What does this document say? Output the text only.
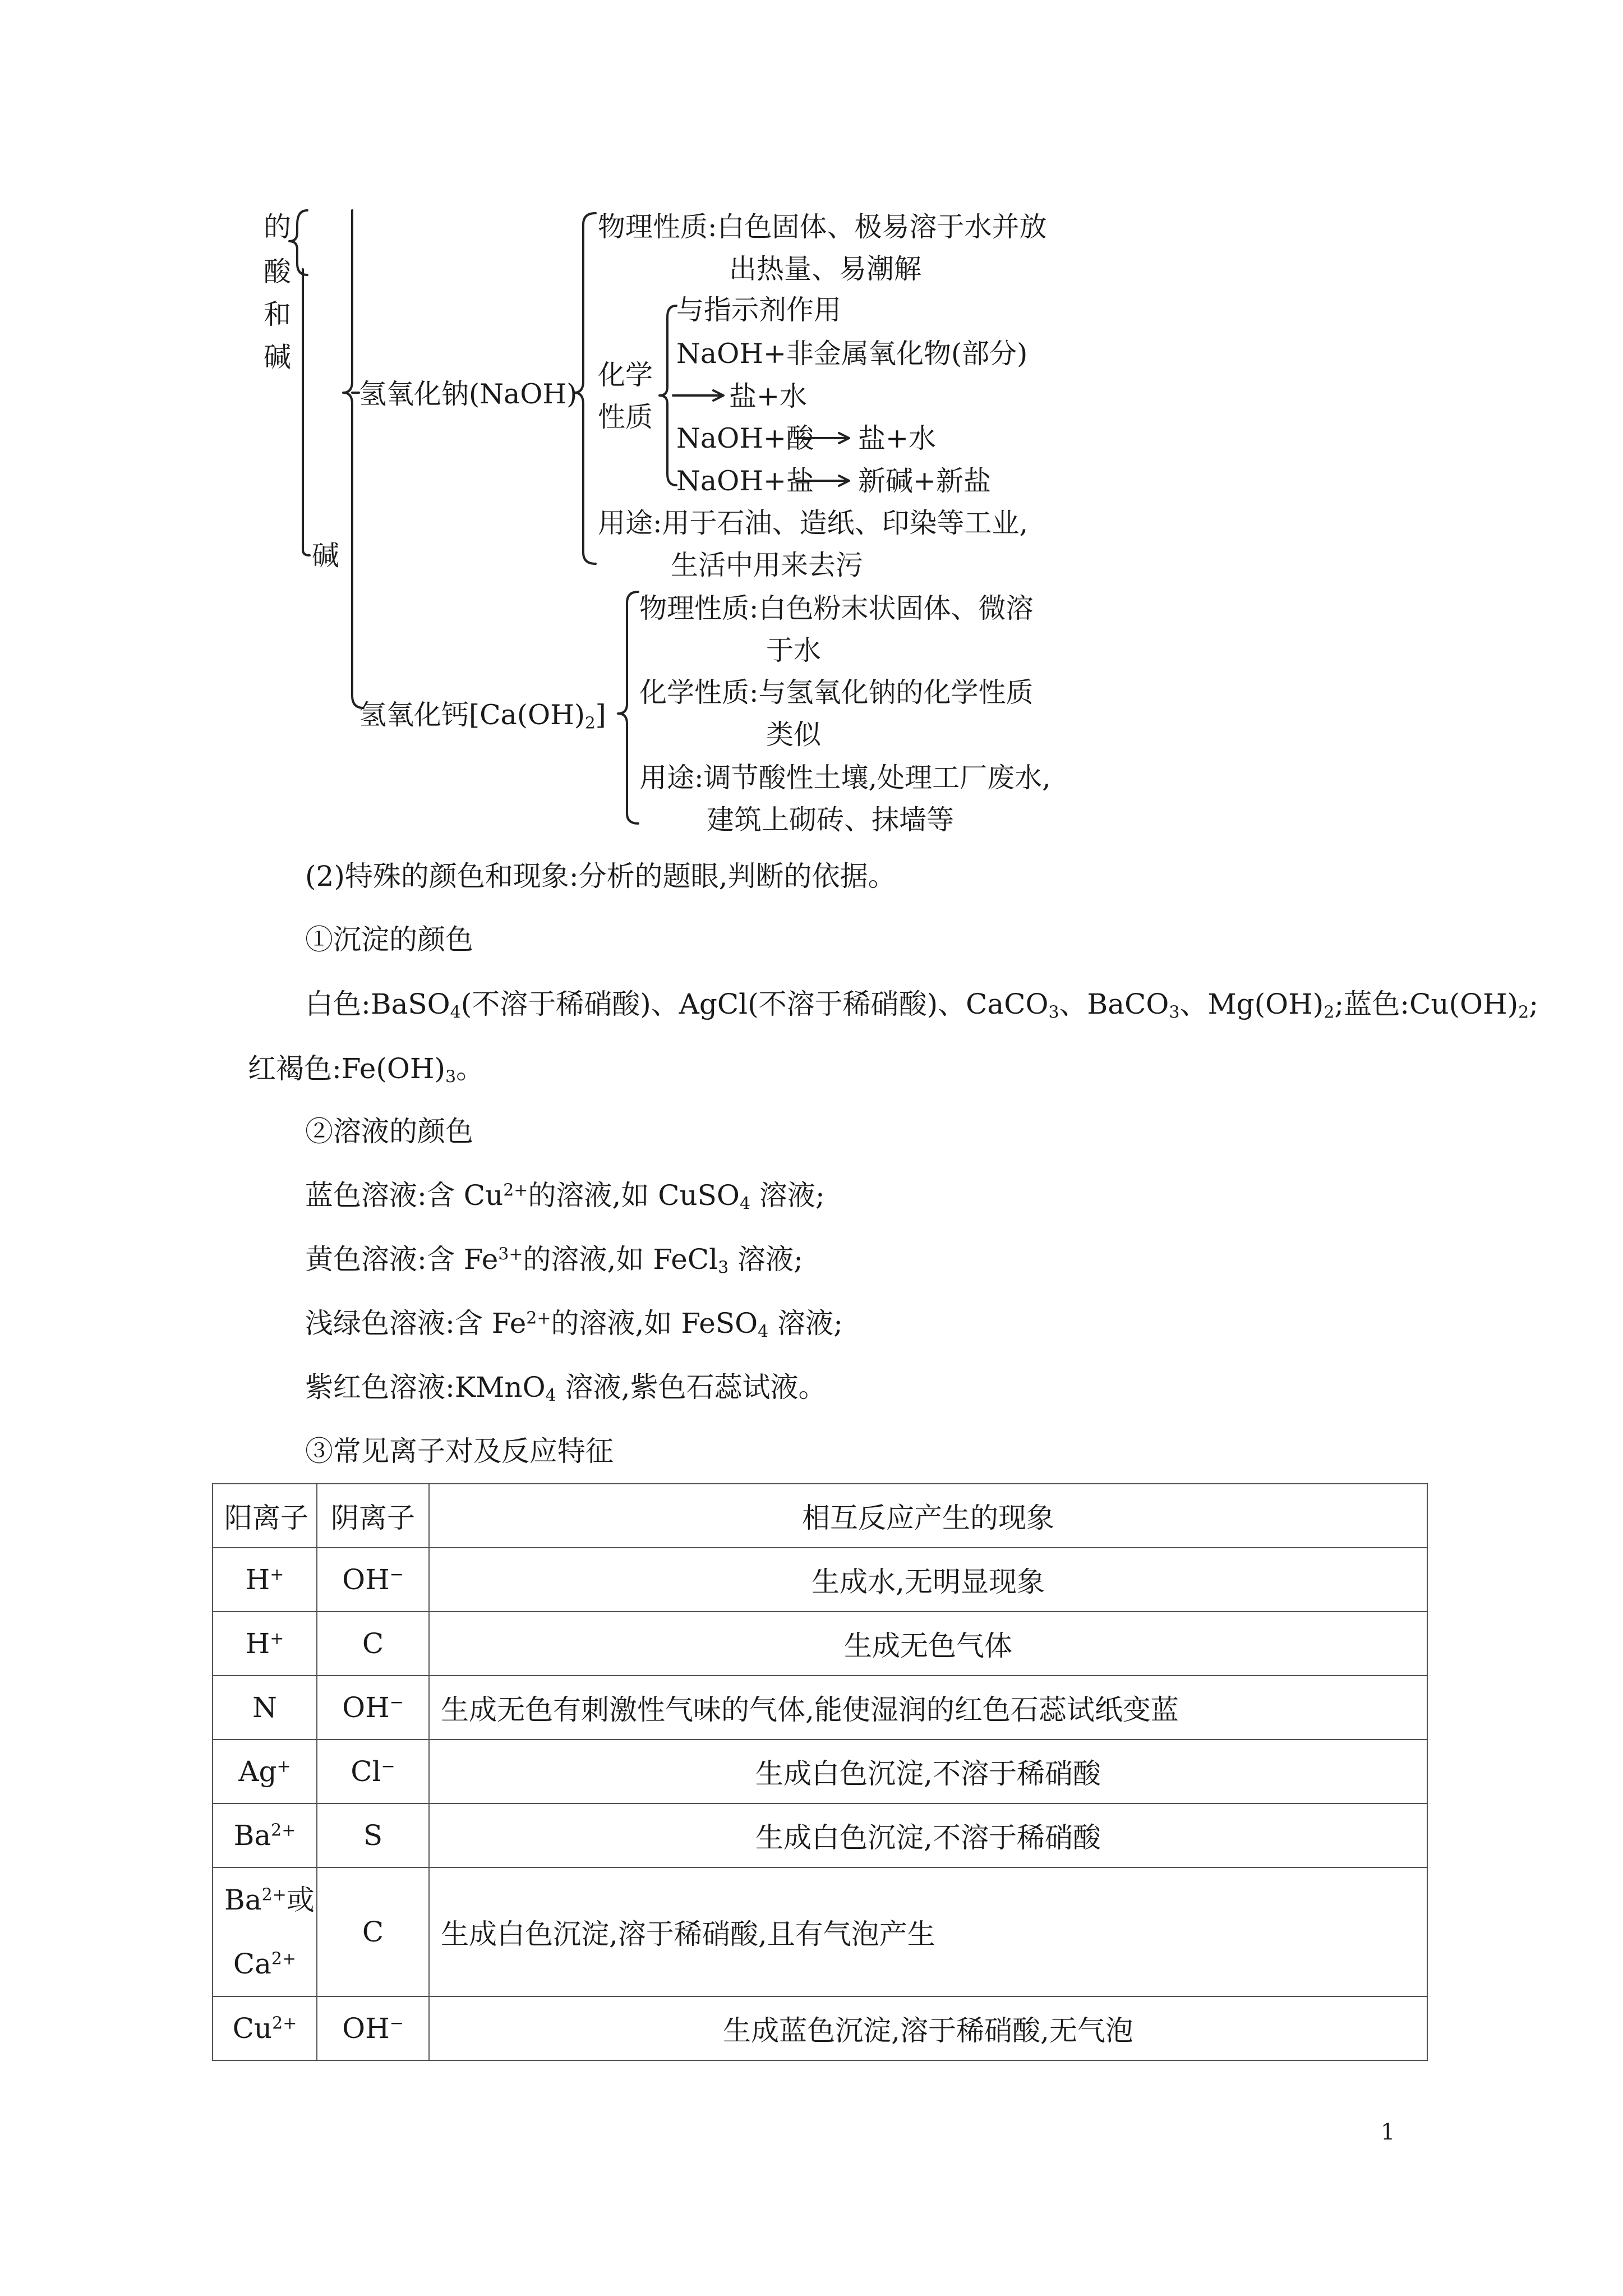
的
酸
和
碱
碱
氢氧化钠(NaOH)
物理性质:白色固体、极易溶于水并放
出热量、易潮解
化学
性质
与指示剂作用
NaOH+非金属氧化物(部分)
盐+水
NaOH+酸 盐+水
NaOH+盐 新碱+新盐
用途:用于石油、造纸、印染等工业,
生活中用来去污
氢氧化钙$[Ca(OH)_2]$
物理性质:白色粉末状固体、微溶
于水
化学性质:与氢氧化钠的化学性质
类似
用途:调节酸性土壤,处理工厂废水,
建筑上砌砖、抹墙等
(2)特殊的颜色和现象:分析的题眼,判断的依据。
①沉淀的颜色
白色:BaSO$_4$(不溶于稀硝酸)、AgCl(不溶于稀硝酸)、CaCO$_3$、BaCO$_3$、$Mg(OH)_2$;蓝色$:Cu(OH)_2$;
红褐色$:Fe(OH)_3$。
②溶液的颜色
蓝色溶液:含 $Cu^{2+}$的溶液,如 CuSO$_4$ 溶液;
黄色溶液:含 $Fe^{3+}$的溶液,如 FeCl$_3$ 溶液;
浅绿色溶液:含 $Fe^{2+}$的溶液,如 FeSO$_4$ 溶液;
紫红色溶液:KMnO$_4$ 溶液,紫色石蕊试液。
③常见离子对及反应特征
阳离子	阴离子	相互反应产生的现象
H+	OH−	生成水,无明显现象
H+	C	生成无色气体
N	OH−	生成无色有刺激性气味的气体,能使湿润的红色石蕊试纸变蓝
Ag+	Cl−	生成白色沉淀,不溶于稀硝酸
$Ba^{2+}$	S	生成白色沉淀,不溶于稀硝酸
$Ba^{2+}$或
$Ca^{2+}$	C	生成白色沉淀,溶于稀硝酸,且有气泡产生
$Cu^{2+}$	OH−	生成蓝色沉淀,溶于稀硝酸,无气泡
1
